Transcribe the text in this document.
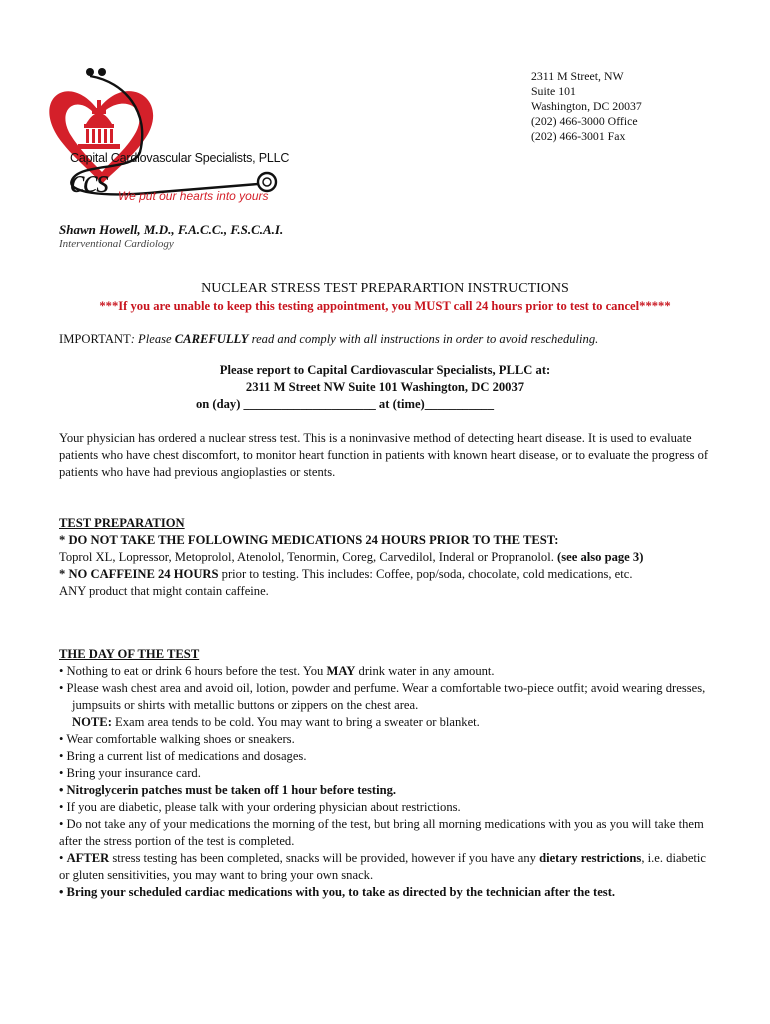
ccs
Capital Cardiovascular Specialists, PLLC
We put our hearts into yours
2311 M Street, NW
Suite 101
Washington, DC 20037
(202) 466-3000 Office
(202) 466-3001 Fax
Shawn Howell, M.D., F.A.C.C., F.S.C.A.I.
Interventional Cardiology
NUCLEAR STRESS TEST PREPARARTION INSTRUCTIONS
***If you are unable to keep this testing appointment, you MUST call 24 hours prior to test to cancel*****
IMPORTANT: Please CAREFULLY read and comply with all instructions in order to avoid rescheduling.
Please report to Capital Cardiovascular Specialists, PLLC at:
2311 M Street NW Suite 101 Washington, DC 20037
on (day) _____________________ at (time)___________
Your physician has ordered a nuclear stress test. This is a noninvasive method of detecting heart disease. It is used to evaluate patients who have chest discomfort, to monitor heart function in patients with known heart disease, or to evaluate the progress of patients who have had previous angioplasties or stents.
TEST PREPARATION
* DO NOT TAKE THE FOLLOWING MEDICATIONS 24 HOURS PRIOR TO THE TEST:
Toprol XL, Lopressor, Metoprolol, Atenolol, Tenormin, Coreg, Carvedilol, Inderal or Propranolol. (see also page 3)
* NO CAFFEINE 24 HOURS prior to testing. This includes: Coffee, pop/soda, chocolate, cold medications, etc.
ANY product that might contain caffeine.
THE DAY OF THE TEST
• Nothing to eat or drink 6 hours before the test. You MAY drink water in any amount.
• Please wash chest area and avoid oil, lotion, powder and perfume. Wear a comfortable two-piece outfit; avoid wearing dresses, jumpsuits or shirts with metallic buttons or zippers on the chest area.
NOTE: Exam area tends to be cold. You may want to bring a sweater or blanket.
• Wear comfortable walking shoes or sneakers.
• Bring a current list of medications and dosages.
• Bring your insurance card.
• Nitroglycerin patches must be taken off 1 hour before testing.
• If you are diabetic, please talk with your ordering physician about restrictions.
• Do not take any of your medications the morning of the test, but bring all morning medications with you as you will take them after the stress portion of the test is completed.
• AFTER stress testing has been completed, snacks will be provided, however if you have any dietary restrictions, i.e. diabetic or gluten sensitivities, you may want to bring your own snack.
• Bring your scheduled cardiac medications with you, to take as directed by the technician after the test.
